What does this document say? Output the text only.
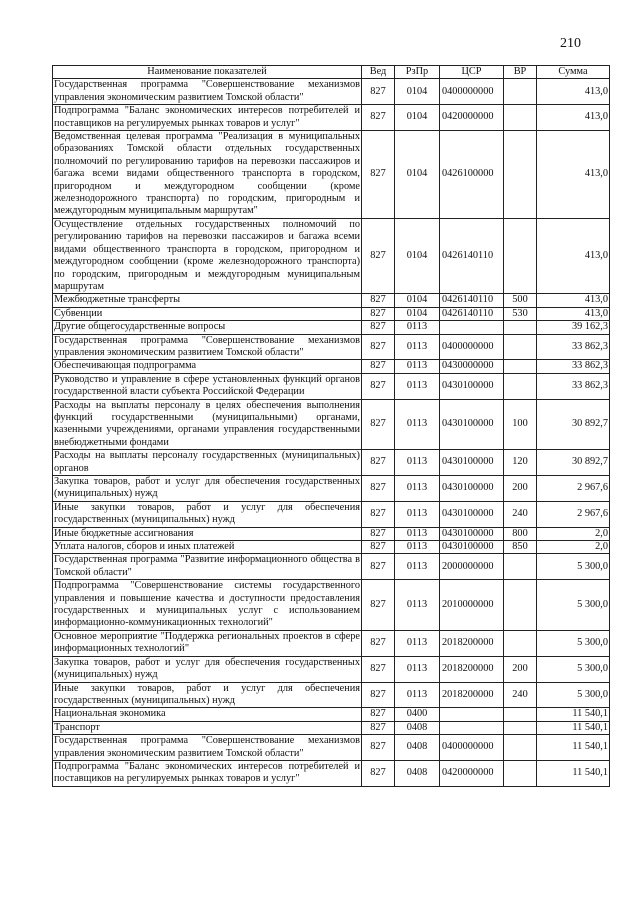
210
Наименование показателей	Вед	РзПр	ЦСР	ВР	Сумма
Государственная программа "Совершенствование механизмов управления экономическим развитием Томской области"	827	0104	0400000000		413,0
Подпрограмма "Баланс экономических интересов потребителей и поставщиков на регулируемых рынках товаров и услуг"	827	0104	0420000000		413,0
Ведомственная целевая программа "Реализация в муниципальных образованиях Томской области отдельных государственных полномочий по регулированию тарифов на перевозки пассажиров и багажа всеми видами общественного транспорта в городском, пригородном и междугородном сообщении (кроме железнодорожного транспорта) по городским, пригородным и междугородным муниципальным маршрутам"	827	0104	0426100000		413,0
Осуществление отдельных государственных полномочий по регулированию тарифов на перевозки пассажиров и багажа всеми видами общественного транспорта в городском, пригородном и междугородном сообщении (кроме железнодорожного транспорта) по городским, пригородным и междугородным муниципальным маршрутам	827	0104	0426140110		413,0
Межбюджетные трансферты	827	0104	0426140110	500	413,0
Субвенции	827	0104	0426140110	530	413,0
Другие общегосударственные вопросы	827	0113			39 162,3
Государственная программа "Совершенствование механизмов управления экономическим развитием Томской области"	827	0113	0400000000		33 862,3
Обеспечивающая подпрограмма	827	0113	0430000000		33 862,3
Руководство и управление в сфере установленных функций органов государственной власти субъекта Российской Федерации	827	0113	0430100000		33 862,3
Расходы на выплаты персоналу в целях обеспечения выполнения функций государственными (муниципальными) органами, казенными учреждениями, органами управления государственными внебюджетными фондами	827	0113	0430100000	100	30 892,7
Расходы на выплаты персоналу государственных (муниципальных) органов	827	0113	0430100000	120	30 892,7
Закупка товаров, работ и услуг для обеспечения государственных (муниципальных) нужд	827	0113	0430100000	200	2 967,6
Иные закупки товаров, работ и услуг для обеспечения государственных (муниципальных) нужд	827	0113	0430100000	240	2 967,6
Иные бюджетные ассигнования	827	0113	0430100000	800	2,0
Уплата налогов, сборов и иных платежей	827	0113	0430100000	850	2,0
Государственная программа "Развитие информационного общества в Томской области"	827	0113	2000000000		5 300,0
Подпрограмма "Совершенствование системы государственного управления и повышение качества и доступности предоставления государственных и муниципальных услуг с использованием информационно-коммуникационных технологий"	827	0113	2010000000		5 300,0
Основное мероприятие "Поддержка региональных проектов в сфере информационных технологий"	827	0113	2018200000		5 300,0
Закупка товаров, работ и услуг для обеспечения государственных (муниципальных) нужд	827	0113	2018200000	200	5 300,0
Иные закупки товаров, работ и услуг для обеспечения государственных (муниципальных) нужд	827	0113	2018200000	240	5 300,0
Национальная экономика	827	0400			11 540,1
Транспорт	827	0408			11 540,1
Государственная программа "Совершенствование механизмов управления экономическим развитием Томской области"	827	0408	0400000000		11 540,1
Подпрограмма "Баланс экономических интересов потребителей и поставщиков на регулируемых рынках товаров и услуг"	827	0408	0420000000		11 540,1
